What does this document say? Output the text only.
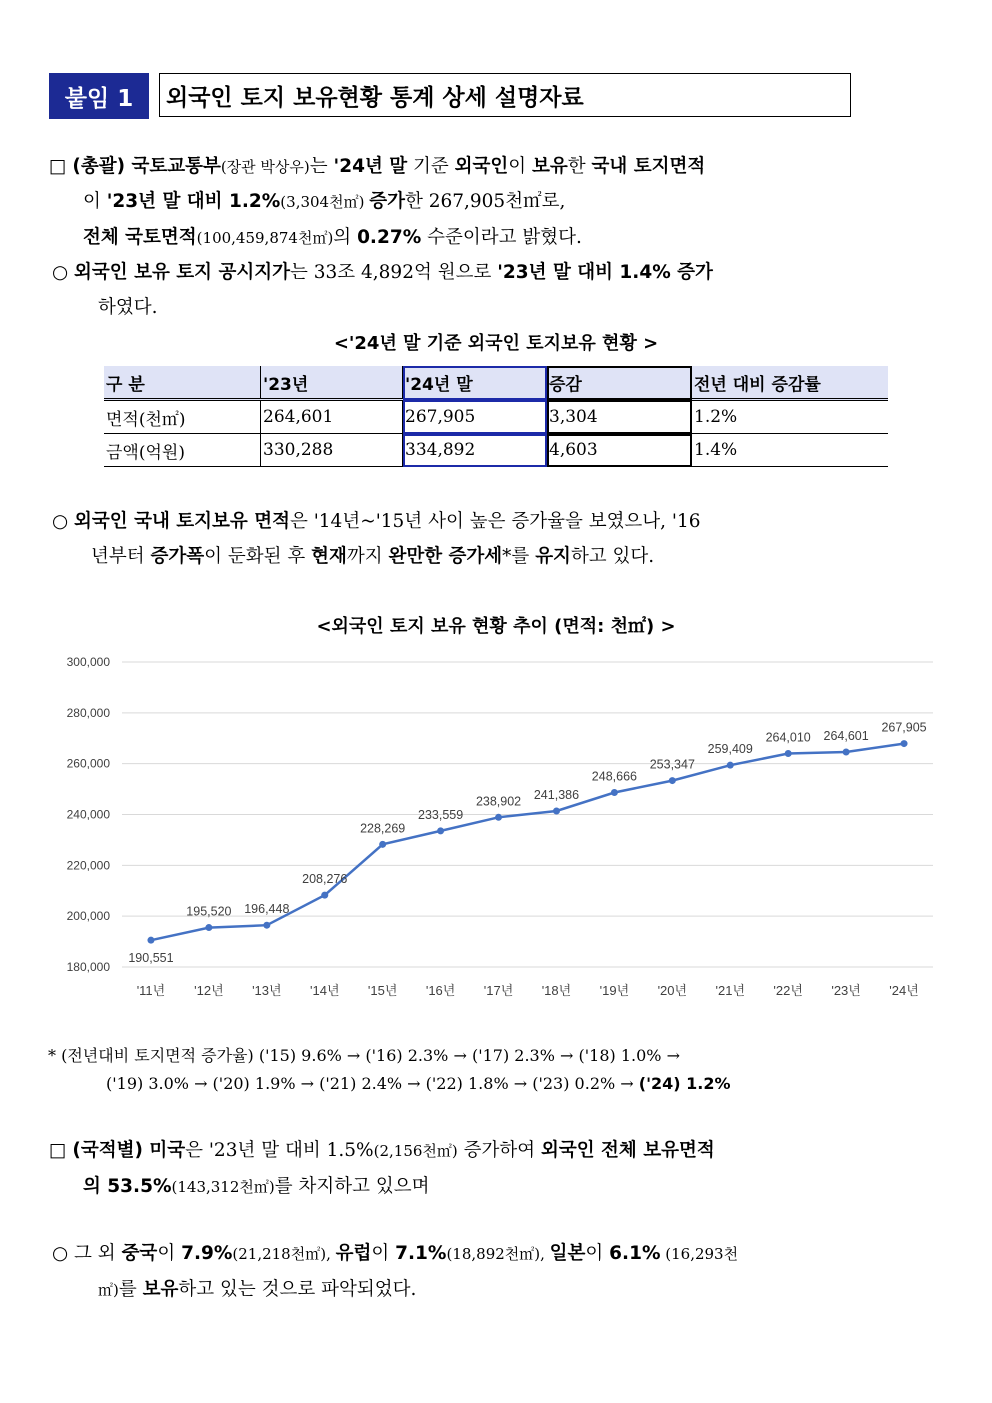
붙임 1	외국인 토지 보유현황 통계 상세 설명자료
□ (총괄) 국토교통부(장관 박상우)는 '24년 말 기준 외국인이 보유한 국내 토지면적
이 '23년 말 대비 1.2%(3,304천㎡) 증가한 267,905천㎡로,
전체 국토면적(100,459,874천㎡)의 0.27% 수준이라고 밝혔다.
○ 외국인 보유 토지 공시지가는 33조 4,892억 원으로 '23년 말 대비 1.4% 증가
하였다.
<'24년 말 기준 외국인 토지보유 현황 >
구 분	'23년	'24년 말	증감	전년 대비 증감률
면적(천㎡)	264,601	267,905	3,304	1.2%
금액(억원)	330,288	334,892	4,603	1.4%
○ 외국인 국내 토지보유 면적은 '14년~'15년 사이 높은 증가율을 보였으나, '16
년부터 증가폭이 둔화된 후 현재까지 완만한 증가세*를 유지하고 있다.
<외국인 토지 보유 현황 추이 (면적: 천㎡) >
180,000
200,000
220,000
240,000
260,000
280,000
300,000
'11년 '12년 '13년 '14년 '15년 '16년 '17년 '18년 '19년 '20년 '21년 '22년 '23년 '24년
190,551
195,520 196,448
208,276
228,269
233,559
238,902 241,386
248,666
253,347
259,409
264,010 264,601
267,905
* (전년대비 토지면적 증가율) ('15) 9.6% → ('16) 2.3% → ('17) 2.3% → ('18) 1.0% →
('19) 3.0% → ('20) 1.9% → ('21) 2.4% → ('22) 1.8% → ('23) 0.2% → ('24) 1.2%
□ (국적별) 미국은 '23년 말 대비 1.5%(2,156천㎡) 증가하여 외국인 전체 보유면적
의 53.5%(143,312천㎡)를 차지하고 있으며
○ 그 외 중국이 7.9%(21,218천㎡), 유럽이 7.1%(18,892천㎡), 일본이 6.1% (16,293천
㎡)를 보유하고 있는 것으로 파악되었다.
